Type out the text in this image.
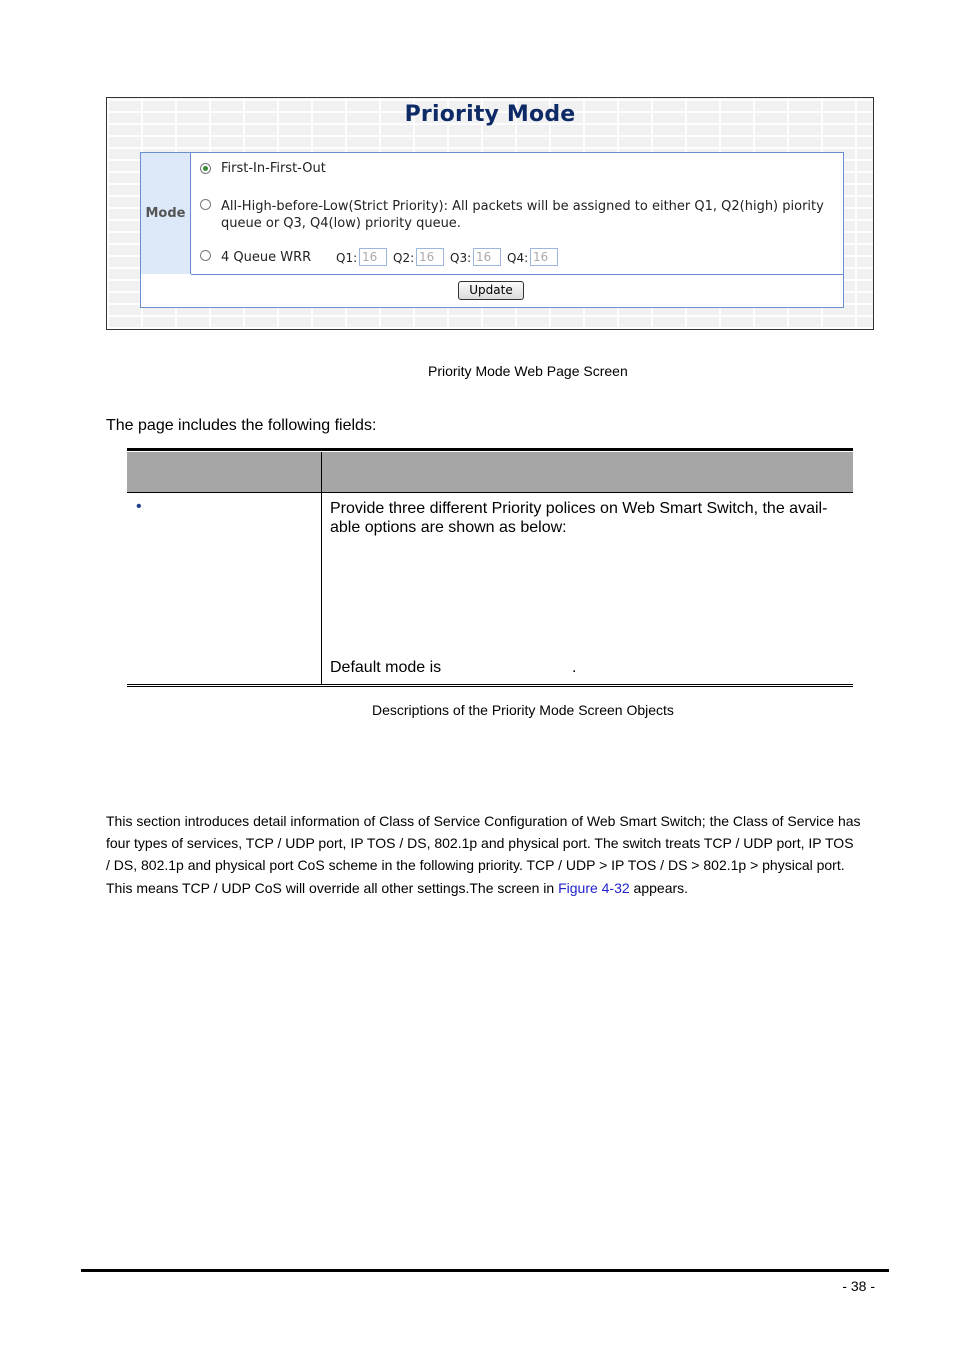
Priority Mode
Mode
First-In-First-Out
All-High-before-Low(Strict Priority): All packets will be assigned to either Q1, Q2(high) piority
queue or Q3, Q4(low) priority queue.
4 Queue WRR Q1: 16	Q2: 16	Q3: 16	Q4: 16
Update
Priority Mode Web Page Screen
The page includes the following fields:
•	Provide three different Priority polices on Web Smart Switch, the avail-
able options are shown as below:
Default mode is	.
Descriptions of the Priority Mode Screen Objects
This section introduces detail information of Class of Service Configuration of Web Smart Switch; the Class of Service has
four types of services, TCP / UDP port, IP TOS / DS, 802.1p and physical port. The switch treats TCP / UDP port, IP TOS
/ DS, 802.1p and physical port CoS scheme in the following priority. TCP / UDP > IP TOS / DS > 802.1p > physical port.
This means TCP / UDP CoS will override all other settings.The screen in Figure 4-32 appears.
- 38 -
